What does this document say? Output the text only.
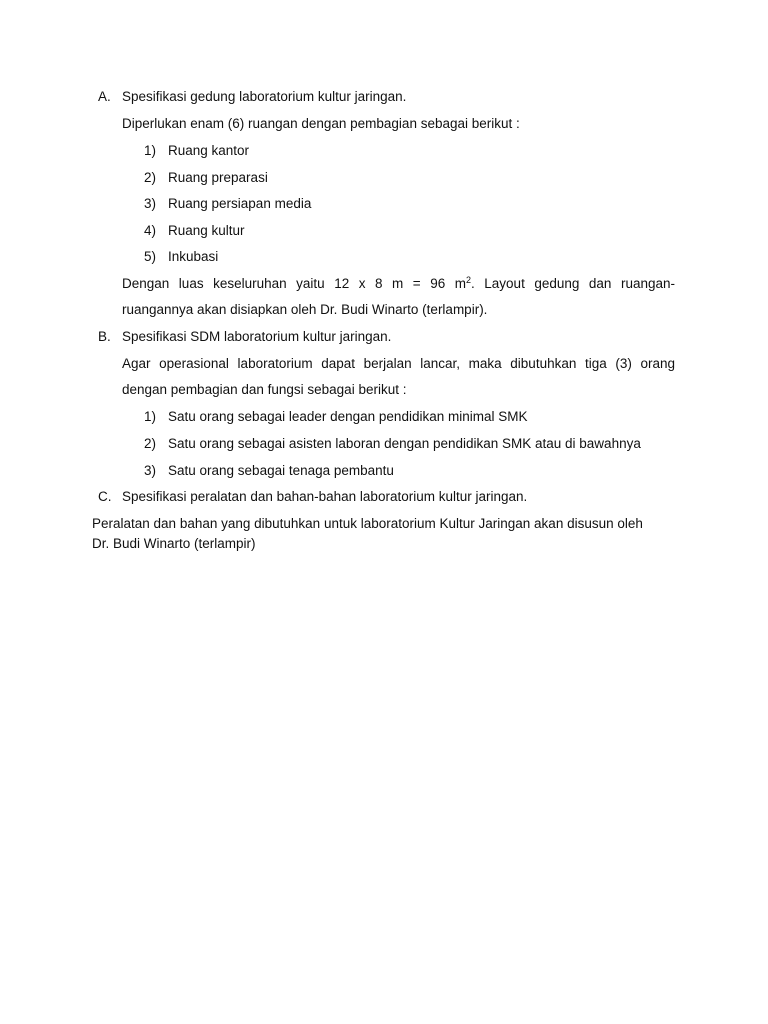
A. Spesifikasi gedung laboratorium kultur jaringan.
Diperlukan enam (6) ruangan dengan pembagian sebagai berikut :
1) Ruang kantor
2) Ruang preparasi
3) Ruang persiapan media
4) Ruang kultur
5) Inkubasi
Dengan luas keseluruhan yaitu 12 x 8 m = 96 $m^2$. Layout gedung dan ruangan-
ruangannya akan disiapkan oleh Dr. Budi Winarto (terlampir).
B. Spesifikasi SDM laboratorium kultur jaringan.
Agar operasional laboratorium dapat berjalan lancar, maka dibutuhkan tiga (3) orang
dengan pembagian dan fungsi sebagai berikut :
1) Satu orang sebagai leader dengan pendidikan minimal SMK
2) Satu orang sebagai asisten laboran dengan pendidikan SMK atau di bawahnya
3) Satu orang sebagai tenaga pembantu
C. Spesifikasi peralatan dan bahan-bahan laboratorium kultur jaringan.
Peralatan dan bahan yang dibutuhkan untuk laboratorium Kultur Jaringan akan disusun oleh
Dr. Budi Winarto (terlampir)
